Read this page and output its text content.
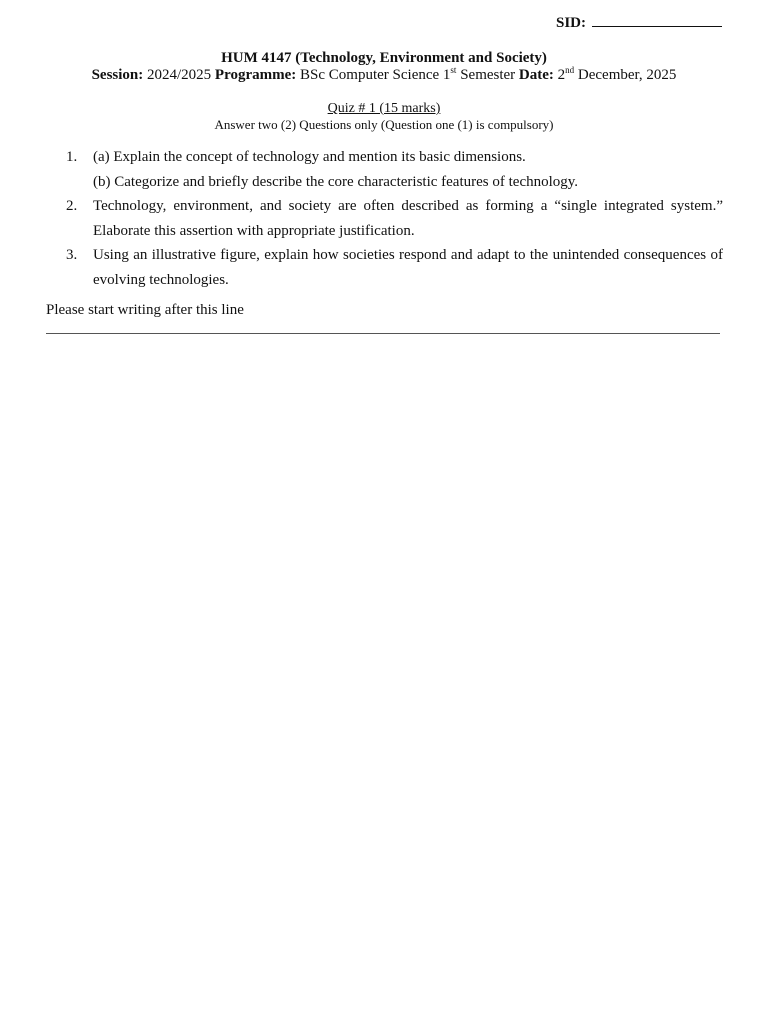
SID:
HUM 4147 (Technology, Environment and Society)
Session: 2024/2025 Programme: BSc Computer Science 1st Semester Date: 2nd December, 2025
Quiz # 1 (15 marks)
Answer two (2) Questions only (Question one (1) is compulsory)
1.	(a) Explain the concept of technology and mention its basic dimensions.
(b) Categorize and briefly describe the core characteristic features of technology.
2.	Technology, environment, and society are often described as forming a “single integrated system.” Elaborate this assertion with appropriate justification.
3.	Using an illustrative figure, explain how societies respond and adapt to the unintended consequences of evolving technologies.
Please start writing after this line
